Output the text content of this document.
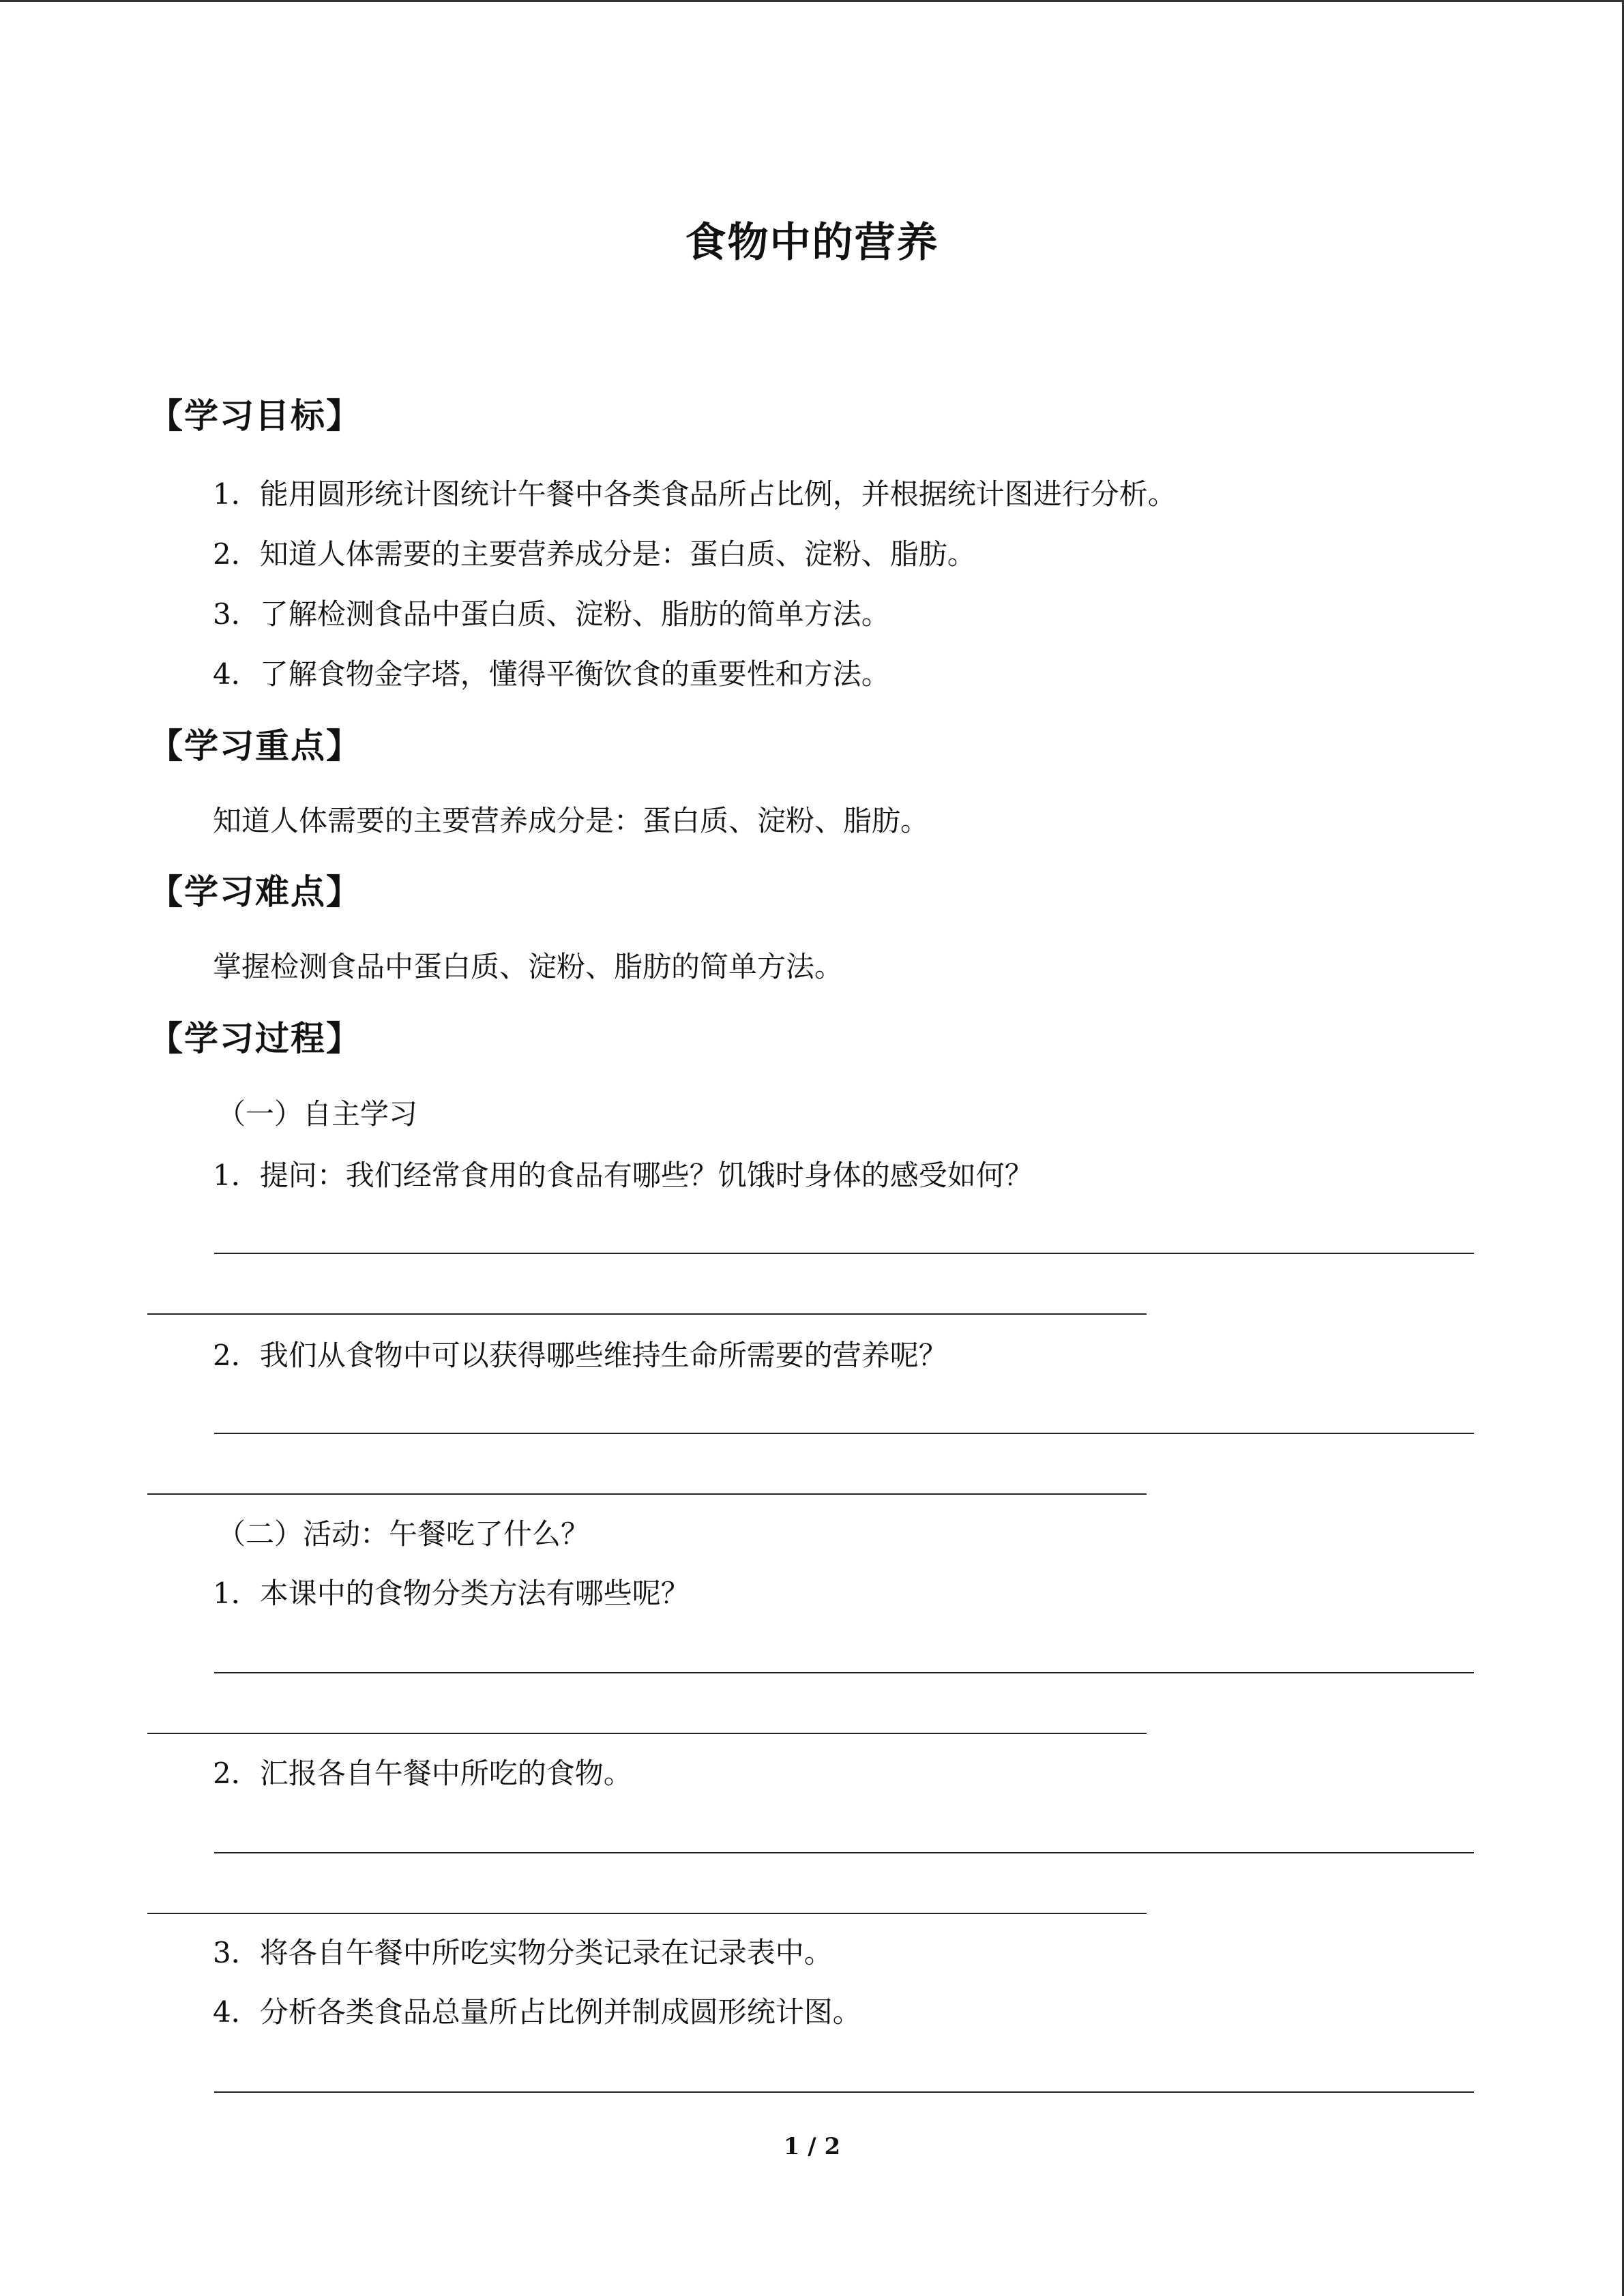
食物中的营养
【学习目标】
1．能用圆形统计图统计午餐中各类食品所占比例，并根据统计图进行分析。
2．知道人体需要的主要营养成分是：蛋白质、淀粉、脂肪。
3．了解检测食品中蛋白质、淀粉、脂肪的简单方法。
4．了解食物金字塔，懂得平衡饮食的重要性和方法。
【学习重点】
知道人体需要的主要营养成分是：蛋白质、淀粉、脂肪。
【学习难点】
掌握检测食品中蛋白质、淀粉、脂肪的简单方法。
【学习过程】
（一）自主学习
1．提问：我们经常食用的食品有哪些？饥饿时身体的感受如何？
2．我们从食物中可以获得哪些维持生命所需要的营养呢？
（二）活动：午餐吃了什么？
1．本课中的食物分类方法有哪些呢？
2．汇报各自午餐中所吃的食物。
3．将各自午餐中所吃实物分类记录在记录表中。
4．分析各类食品总量所占比例并制成圆形统计图。
1 / 2
